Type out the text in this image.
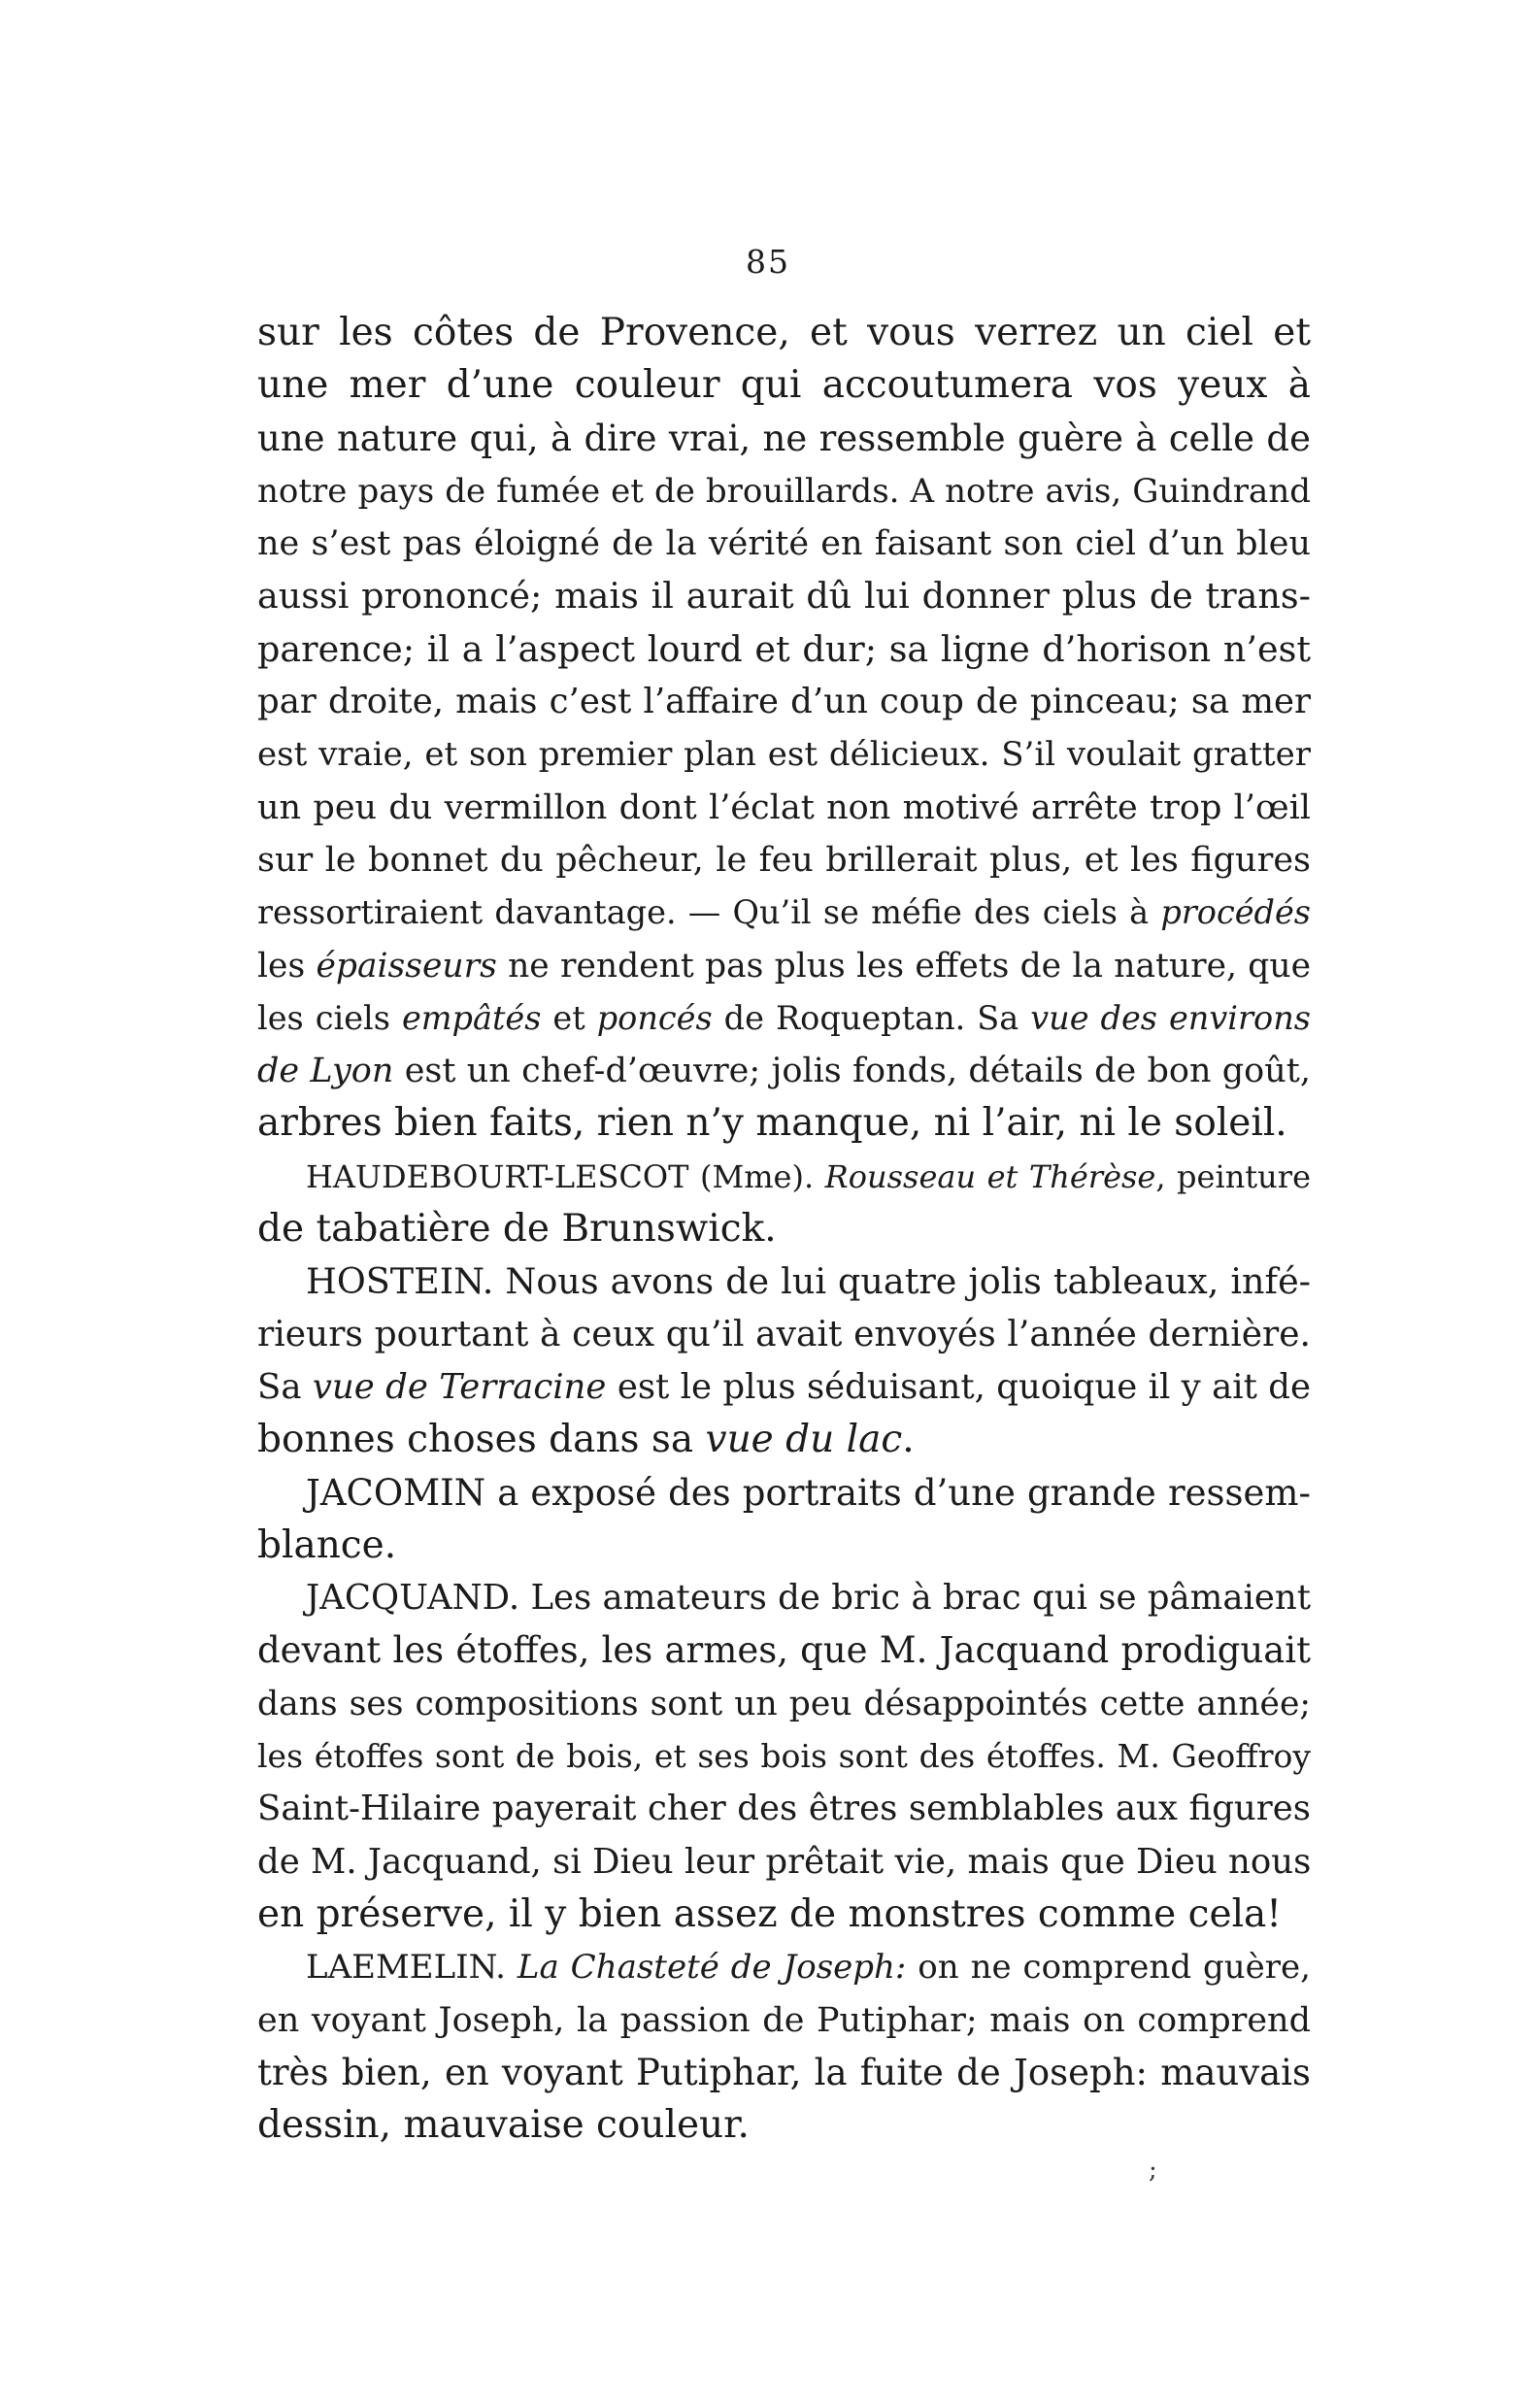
85
sur les côtes de Provence, et vous verrez un ciel et
une mer d’une couleur qui accoutumera vos yeux à
une nature qui, à dire vrai, ne ressemble guère à celle de
notre pays de fumée et de brouillards. A notre avis, Guindrand
ne s’est pas éloigné de la vérité en faisant son ciel d’un bleu
aussi prononcé; mais il aurait dû lui donner plus de trans-
parence; il a l’aspect lourd et dur; sa ligne d’horison n’est
par droite, mais c’est l’affaire d’un coup de pinceau; sa mer
est vraie, et son premier plan est délicieux. S’il voulait gratter
un peu du vermillon dont l’éclat non motivé arrête trop l’œil
sur le bonnet du pêcheur, le feu brillerait plus, et les figures
ressortiraient davantage. — Qu’il se méfie des ciels à procédés
les épaisseurs ne rendent pas plus les effets de la nature, que
les ciels empâtés et poncés de Roqueptan. Sa vue des environs
de Lyon est un chef-d’œuvre; jolis fonds, détails de bon goût,
arbres bien faits, rien n’y manque, ni l’air, ni le soleil.
HAUDEBOURT-LESCOT (Mme). Rousseau et Thérèse, peinture
de tabatière de Brunswick.
HOSTEIN. Nous avons de lui quatre jolis tableaux, infé-
rieurs pourtant à ceux qu’il avait envoyés l’année dernière.
Sa vue de Terracine est le plus séduisant, quoique il y ait de
bonnes choses dans sa vue du lac.
JACOMIN a exposé des portraits d’une grande ressem-
blance.
JACQUAND. Les amateurs de bric à brac qui se pâmaient
devant les étoffes, les armes, que M. Jacquand prodiguait
dans ses compositions sont un peu désappointés cette année;
les étoffes sont de bois, et ses bois sont des étoffes. M. Geoffroy
Saint-Hilaire payerait cher des êtres semblables aux figures
de M. Jacquand, si Dieu leur prêtait vie, mais que Dieu nous
en préserve, il y bien assez de monstres comme cela!
LAEMELIN. La Chasteté de Joseph: on ne comprend guère,
en voyant Joseph, la passion de Putiphar; mais on comprend
très bien, en voyant Putiphar, la fuite de Joseph: mauvais
dessin, mauvaise couleur.
;
